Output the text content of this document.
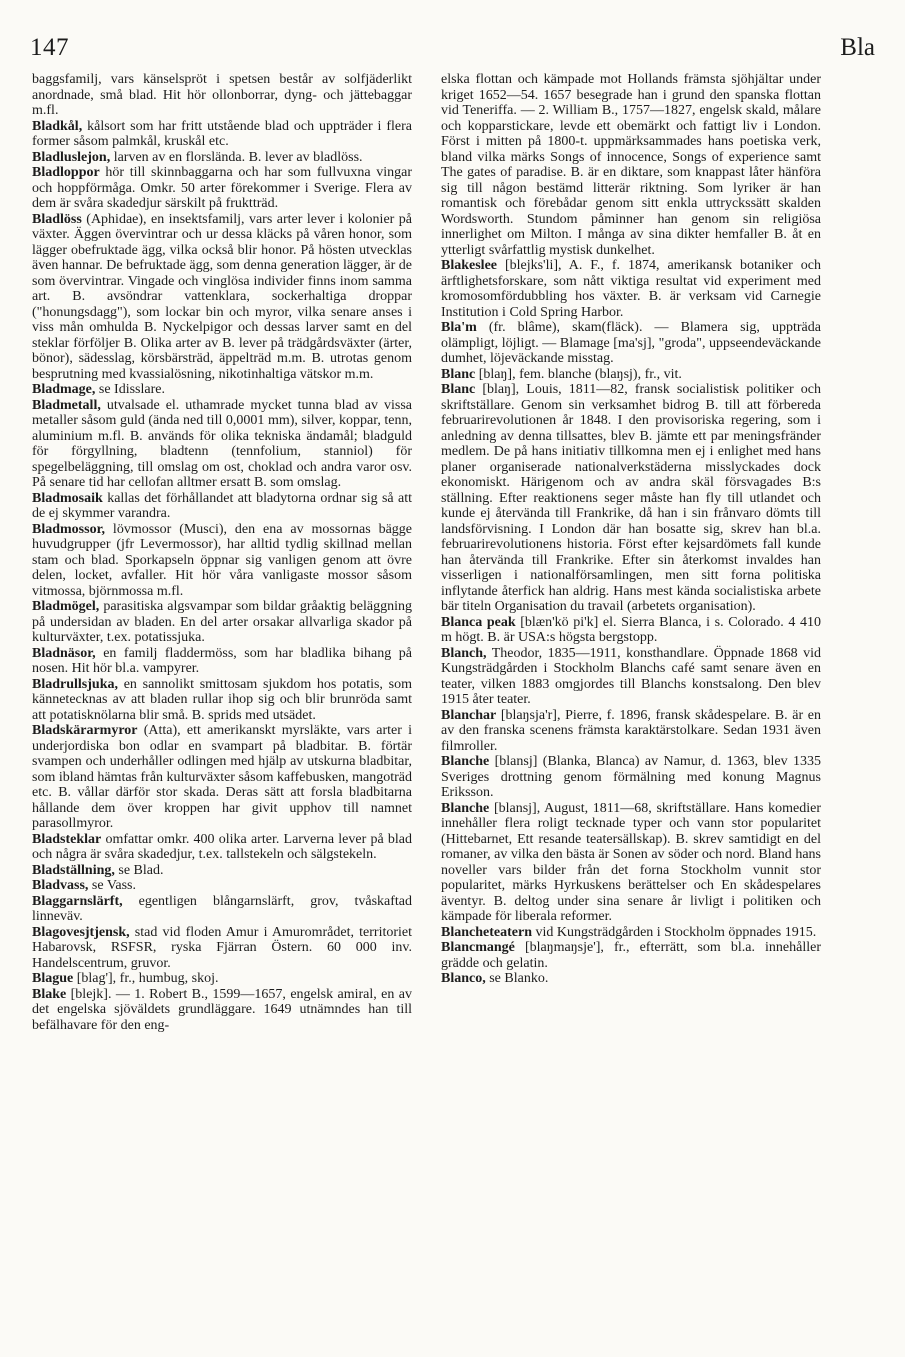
147	Bla

baggsfamilj, vars känselspröt i spetsen består av solfjäderlikt anordnade, små blad. Hit hör ollonborrar, dyng- och jättebaggar m.fl.

Bladkål, kålsort som har fritt utstående blad och uppträder i flera former såsom palmkål, kruskål etc.

Bladluslejon, larven av en florslända. B. lever av bladlöss.

Bladloppor hör till skinnbaggarna och har som fullvuxna vingar och hoppförmåga. Omkr. 50 arter förekommer i Sverige. Flera av dem är svåra skadedjur särskilt på fruktträd.

Bladlöss (Aphidae), en insektsfamilj, vars arter lever i kolonier på växter. Äggen övervintrar och ur dessa kläcks på våren honor, som lägger obefruktade ägg, vilka också blir honor. På hösten utvecklas även hannar. De befruktade ägg, som denna generation lägger, är de som övervintrar. Vingade och vinglösa individer finns inom samma art. B. avsöndrar vattenklara, sockerhaltiga droppar ("honungsdagg"), som lockar bin och myror, vilka senare anses i viss mån omhulda B. Nyckelpigor och dessas larver samt en del steklar förföljer B. Olika arter av B. lever på trädgårdsväxter (ärter, bönor), sädesslag, körsbärsträd, äppelträd m.m. B. utrotas genom besprutning med kvassialösning, nikotinhaltiga vätskor m.m.

Bladmage, se Idisslare.

Bladmetall, utvalsade el. uthamrade mycket tunna blad av vissa metaller såsom guld (ända ned till 0,0001 mm), silver, koppar, tenn, aluminium m.fl. B. används för olika tekniska ändamål; bladguld för förgyllning, bladtenn (tennfolium, stanniol) för spegelbeläggning, till omslag om ost, choklad och andra varor osv. På senare tid har cellofan alltmer ersatt B. som omslag.

Bladmosaik kallas det förhållandet att bladytorna ordnar sig så att de ej skymmer varandra.

Bladmossor, lövmossor (Musci), den ena av mossornas bägge huvudgrupper (jfr Levermossor), har alltid tydlig skillnad mellan stam och blad. Sporkapseln öppnar sig vanligen genom att övre delen, locket, avfaller. Hit hör våra vanligaste mossor såsom vitmossa, björnmossa m.fl.

Bladmögel, parasitiska algsvampar som bildar gråaktig beläggning på undersidan av bladen. En del arter orsakar allvarliga skador på kulturväxter, t.ex. potatissjuka.

Bladnäsor, en familj fladdermöss, som har bladlika bihang på nosen. Hit hör bl.a. vampyrer.

Bladrullsjuka, en sannolikt smittosam sjukdom hos potatis, som kännetecknas av att bladen rullar ihop sig och blir brunröda samt att potatisknölarna blir små. B. sprids med utsädet.

Bladskärarmyror (Atta), ett amerikanskt myrsläkte, vars arter i underjordiska bon odlar en svampart på bladbitar. B. förtär svampen och underhåller odlingen med hjälp av utskurna bladbitar, som ibland hämtas från kulturväxter såsom kaffebusken, mangoträd etc. B. vållar därför stor skada. Deras sätt att forsla bladbitarna hållande dem över kroppen har givit upphov till namnet parasollmyror.

Bladsteklar omfattar omkr. 400 olika arter. Larverna lever på blad och några är svåra skadedjur, t.ex. tallstekeln och sälgstekeln.

Bladställning, se Blad.

Bladvass, se Vass.

Blaggarnslärft, egentligen blångarnslärft, grov, tvåskaftad linneväv.

Blagovesjtjensk, stad vid floden Amur i Amurområdet, territoriet Habarovsk, RSFSR, ryska Fjärran Östern. 60 000 inv. Handelscentrum, gruvor.

Blague [blag'], fr., humbug, skoj.

Blake [blejk]. — 1. Robert B., 1599—1657, engelsk amiral, en av det engelska sjöväldets grundläggare. 1649 utnämndes han till befälhavare för den eng-

elska flottan och kämpade mot Hollands främsta sjöhjältar under kriget 1652—54. 1657 besegrade han i grund den spanska flottan vid Teneriffa. — 2. William B., 1757—1827, engelsk skald, målare och kopparstickare, levde ett obemärkt och fattigt liv i London. Först i mitten på 1800-t. uppmärksammades hans poetiska verk, bland vilka märks Songs of innocence, Songs of experience samt The gates of paradise. B. är en diktare, som knappast låter hänföra sig till någon bestämd litterär riktning. Som lyriker är han romantisk och förebådar genom sitt enkla uttryckssätt skalden Wordsworth. Stundom påminner han genom sin religiösa innerlighet om Milton. I många av sina dikter hemfaller B. åt en ytterligt svårfattlig mystisk dunkelhet.

Blakeslee [blejks'li], A. F., f. 1874, amerikansk botaniker och ärftlighetsforskare, som nått viktiga resultat vid experiment med kromosomfördubbling hos växter. B. är verksam vid Carnegie Institution i Cold Spring Harbor.

Bla'm (fr. blâme), skam(fläck). — Blamera sig, uppträda olämpligt, löjligt. — Blamage [ma'sj], "groda", uppseendeväckande dumhet, löjeväckande misstag.

Blanc [blaŋ], fem. blanche (blaŋsj), fr., vit.

Blanc [blaŋ], Louis, 1811—82, fransk socialistisk politiker och skriftställare. Genom sin verksamhet bidrog B. till att förbereda februarirevolutionen år 1848. I den provisoriska regering, som i anledning av denna tillsattes, blev B. jämte ett par meningsfränder medlem. De på hans initiativ tillkomna men ej i enlighet med hans planer organiserade nationalverkstäderna misslyckades dock ekonomiskt. Härigenom och av andra skäl försvagades B:s ställning. Efter reaktionens seger måste han fly till utlandet och kunde ej återvända till Frankrike, då han i sin frånvaro dömts till landsförvisning. I London där han bosatte sig, skrev han bl.a. februarirevolutionens historia. Först efter kejsardömets fall kunde han återvända till Frankrike. Efter sin återkomst invaldes han visserligen i nationalförsamlingen, men sitt forna politiska inflytande återfick han aldrig. Hans mest kända socialistiska arbete bär titeln Organisation du travail (arbetets organisation).

Blanca peak [blæn'kö pi'k] el. Sierra Blanca, i s. Colorado. 4 410 m högt. B. är USA:s högsta bergstopp.

Blanch, Theodor, 1835—1911, konsthandlare. Öppnade 1868 vid Kungsträdgården i Stockholm Blanchs café samt senare även en teater, vilken 1883 omgjordes till Blanchs konstsalong. Den blev 1915 åter teater.

Blanchar [blaŋsja'r], Pierre, f. 1896, fransk skådespelare. B. är en av den franska scenens främsta karaktärstolkare. Sedan 1931 även filmroller.

Blanche [blansj] (Blanka, Blanca) av Namur, d. 1363, blev 1335 Sveriges drottning genom förmälning med konung Magnus Eriksson.

Blanche [blansj], August, 1811—68, skriftställare. Hans komedier innehåller flera roligt tecknade typer och vann stor popularitet (Hittebarnet, Ett resande teatersällskap). B. skrev samtidigt en del romaner, av vilka den bästa är Sonen av söder och nord. Bland hans noveller vars bilder från det forna Stockholm vunnit stor popularitet, märks Hyrkuskens berättelser och En skådespelares äventyr. B. deltog under sina senare år livligt i politiken och kämpade för liberala reformer.

Blancheteatern vid Kungsträdgården i Stockholm öppnades 1915.

Blancmangé [blaŋmaŋsje'], fr., efterrätt, som bl.a. innehåller grädde och gelatin.

Blanco, se Blanko.
